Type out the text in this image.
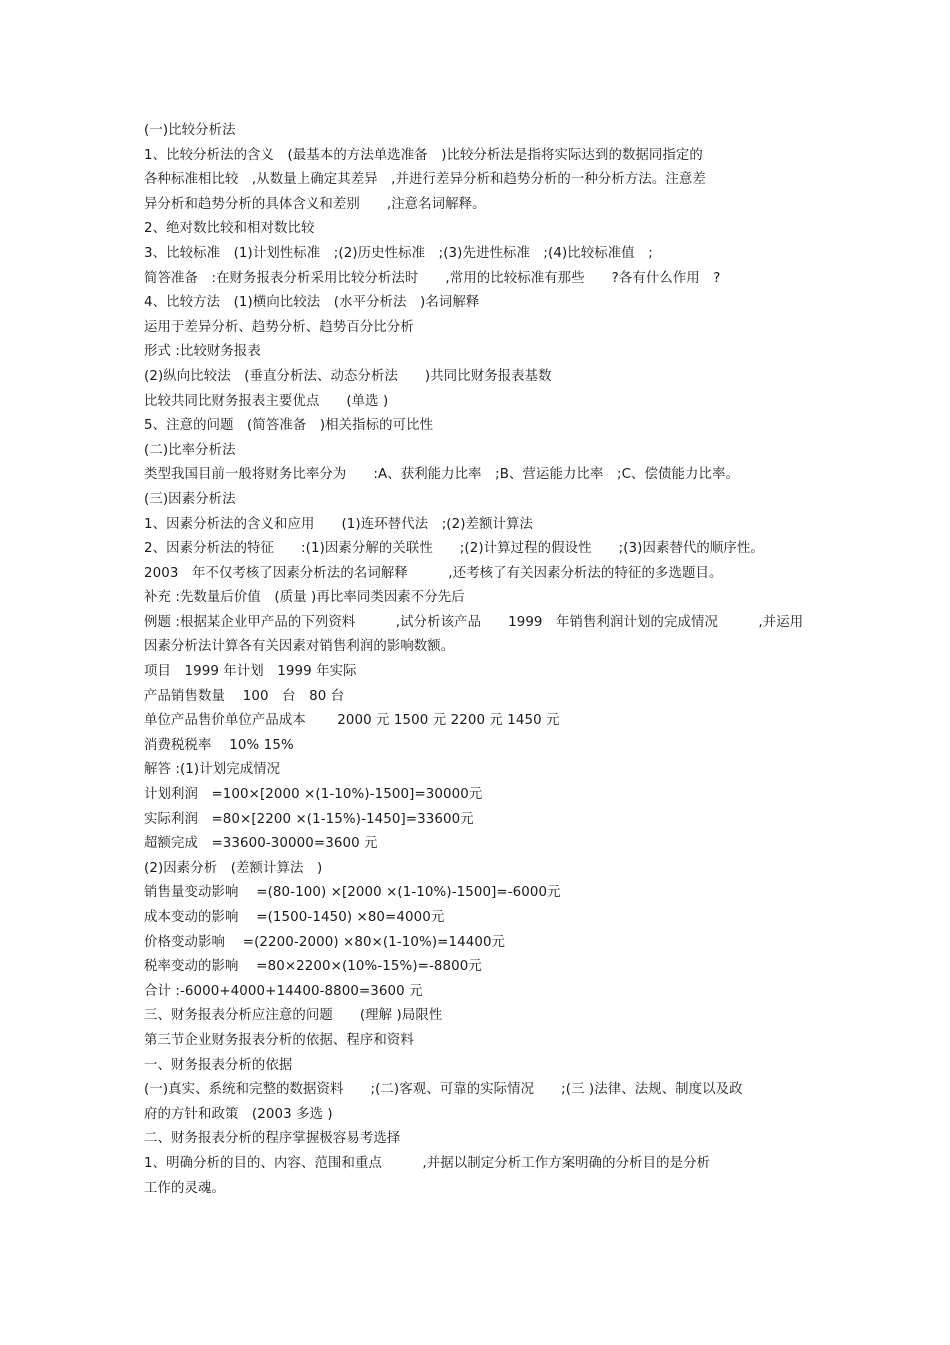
(一)比较分析法
1、比较分析法的含义　(最基本的方法单选准备　)比较分析法是指将实际达到的数据同指定的
各种标准相比较　,从数量上确定其差异　,并进行差异分析和趋势分析的一种分析方法。注意差
异分析和趋势分析的具体含义和差别　　,注意名词解释。
2、绝对数比较和相对数比较
3、比较标准　(1)计划性标准　;(2)历史性标准　;(3)先进性标准　;(4)比较标准值　;
简答准备　:在财务报表分析采用比较分析法时　　,常用的比较标准有那些　　?各有什么作用　?
4、比较方法　(1)横向比较法　(水平分析法　)名词解释
运用于差异分析、趋势分析、趋势百分比分析
形式 :比较财务报表
(2)纵向比较法　(垂直分析法、动态分析法　　)共同比财务报表基数
比较共同比财务报表主要优点　　(单选 )
5、注意的问题　(简答准备　)相关指标的可比性
(二)比率分析法
类型我国目前一般将财务比率分为　　:A、获利能力比率　;B、营运能力比率　;C、偿债能力比率。
(三)因素分析法
1、因素分析法的含义和应用　　(1)连环替代法　;(2)差额计算法
2、因素分析法的特征　　:(1)因素分解的关联性　　;(2)计算过程的假设性　　;(3)因素替代的顺序性。
2003　年不仅考核了因素分析法的名词解释　　　,还考核了有关因素分析法的特征的多选题目。
补充 :先数量后价值　(质量 )再比率同类因素不分先后
例题 :根据某企业甲产品的下列资料　　　,试分析该产品　　1999　年销售利润计划的完成情况　　　,并运用
因素分析法计算各有关因素对销售利润的影响数额。
项目　1999 年计划　1999 年实际
产品销售数量　 100　台　80 台
单位产品售价单位产品成本　　 2000 元 1500 元 2200 元 1450 元
消费税税率　 10% 15%
解答 :(1)计划完成情况
计划利润　=100×[2000 ×(1-10%)-1500]=30000元
实际利润　=80×[2200 ×(1-15%)-1450]=33600元
超额完成　=33600-30000=3600 元
(2)因素分析　(差额计算法　)
销售量变动影响　 =(80-100) ×[2000 ×(1-10%)-1500]=-6000元
成本变动的影响　 =(1500-1450) ×80=4000元
价格变动影响　 =(2200-2000) ×80×(1-10%)=14400元
税率变动的影响　 =80×2200×(10%-15%)=-8800元
合计 :-6000+4000+14400-8800=3600 元
三、财务报表分析应注意的问题　　(理解 )局限性
第三节企业财务报表分析的依据、程序和资料
一、财务报表分析的依据
(一)真实、系统和完整的数据资料　　;(二)客观、可靠的实际情况　　;(三 )法律、法规、制度以及政
府的方针和政策　(2003 多选 )
二、财务报表分析的程序掌握极容易考选择
1、明确分析的目的、内容、范围和重点　　　,并据以制定分析工作方案明确的分析目的是分析
工作的灵魂。
